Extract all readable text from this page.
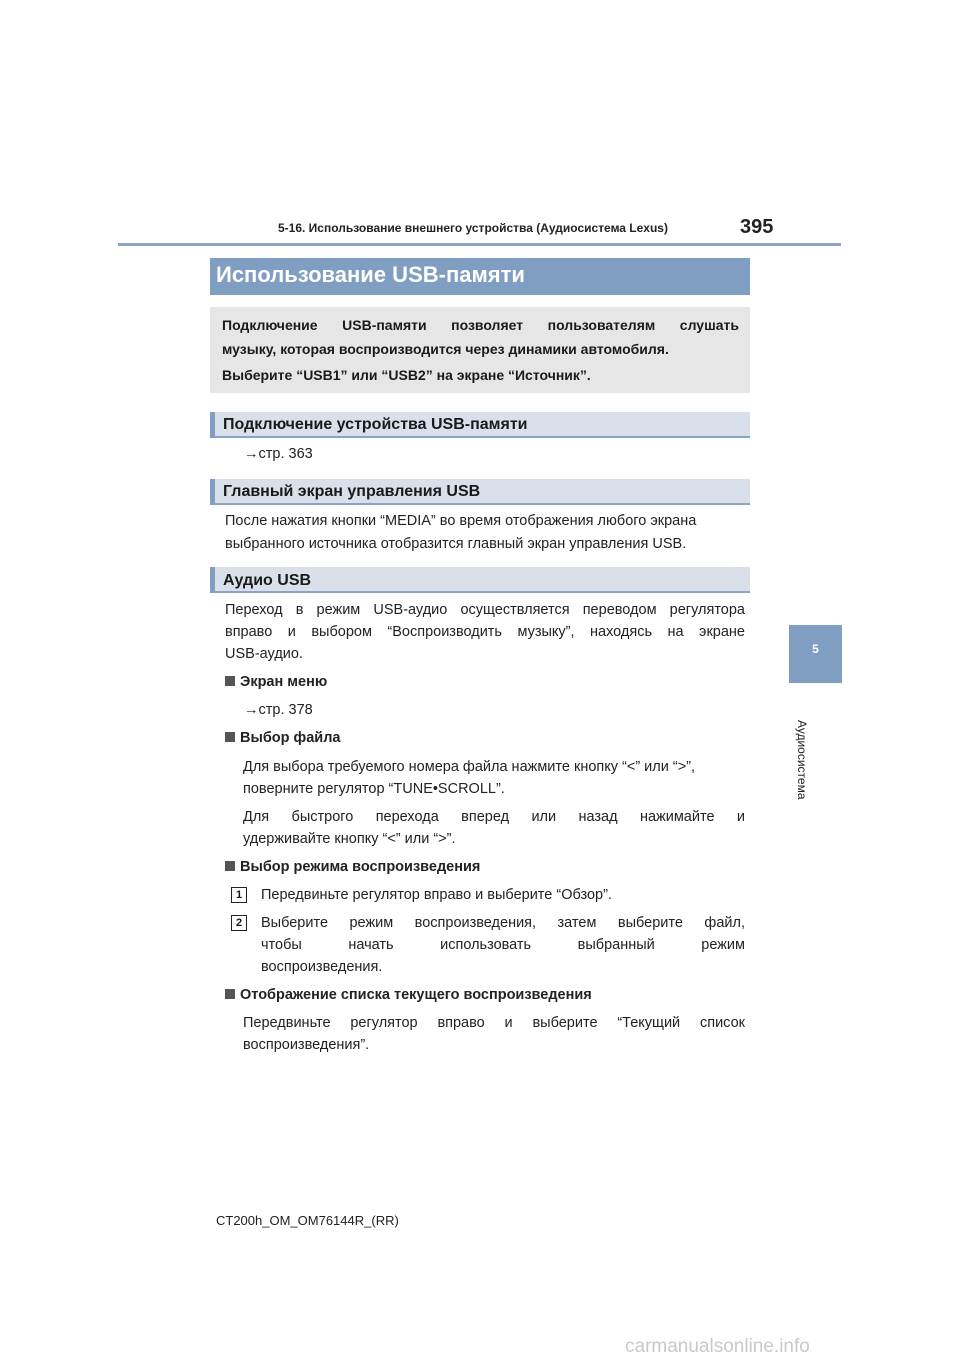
5-16. Использование внешнего устройства (Аудиосистема Lexus)	395
5
Аудиосистема
Использование USB-памяти
Подключение USB-памяти позволяет пользователям слушать
музыку, которая воспроизводится через динамики автомобиля.
Выберите “USB1” или “USB2” на экране “Источник”.
Подключение устройства USB-памяти
→стр. 363
Главный экран управления USB
После нажатия кнопки “MEDIA” во время отображения любого экрана
выбранного источника отобразится главный экран управления USB.
Аудио USB
Переход в режим USB-аудио осуществляется переводом регулятора
вправо и выбором “Воспроизводить музыку”, находясь на экране
USB-аудио.
Экран меню
→стр. 378
Выбор файла
Для выбора требуемого номера файла нажмите кнопку “<” или “>”,
поверните регулятор “TUNE•SCROLL”.
Для быстрого перехода вперед или назад нажимайте и
удерживайте кнопку “<” или “>”.
Выбор режима воспроизведения
1	Передвиньте регулятор вправо и выберите “Обзор”.
2	Выберите режим воспроизведения, затем выберите файл,
чтобы начать использовать выбранный режим
воспроизведения.
Отображение списка текущего воспроизведения
Передвиньте регулятор вправо и выберите “Текущий список
воспроизведения”.
CT200h_OM_OM76144R_(RR)
carmanualsonline.info
